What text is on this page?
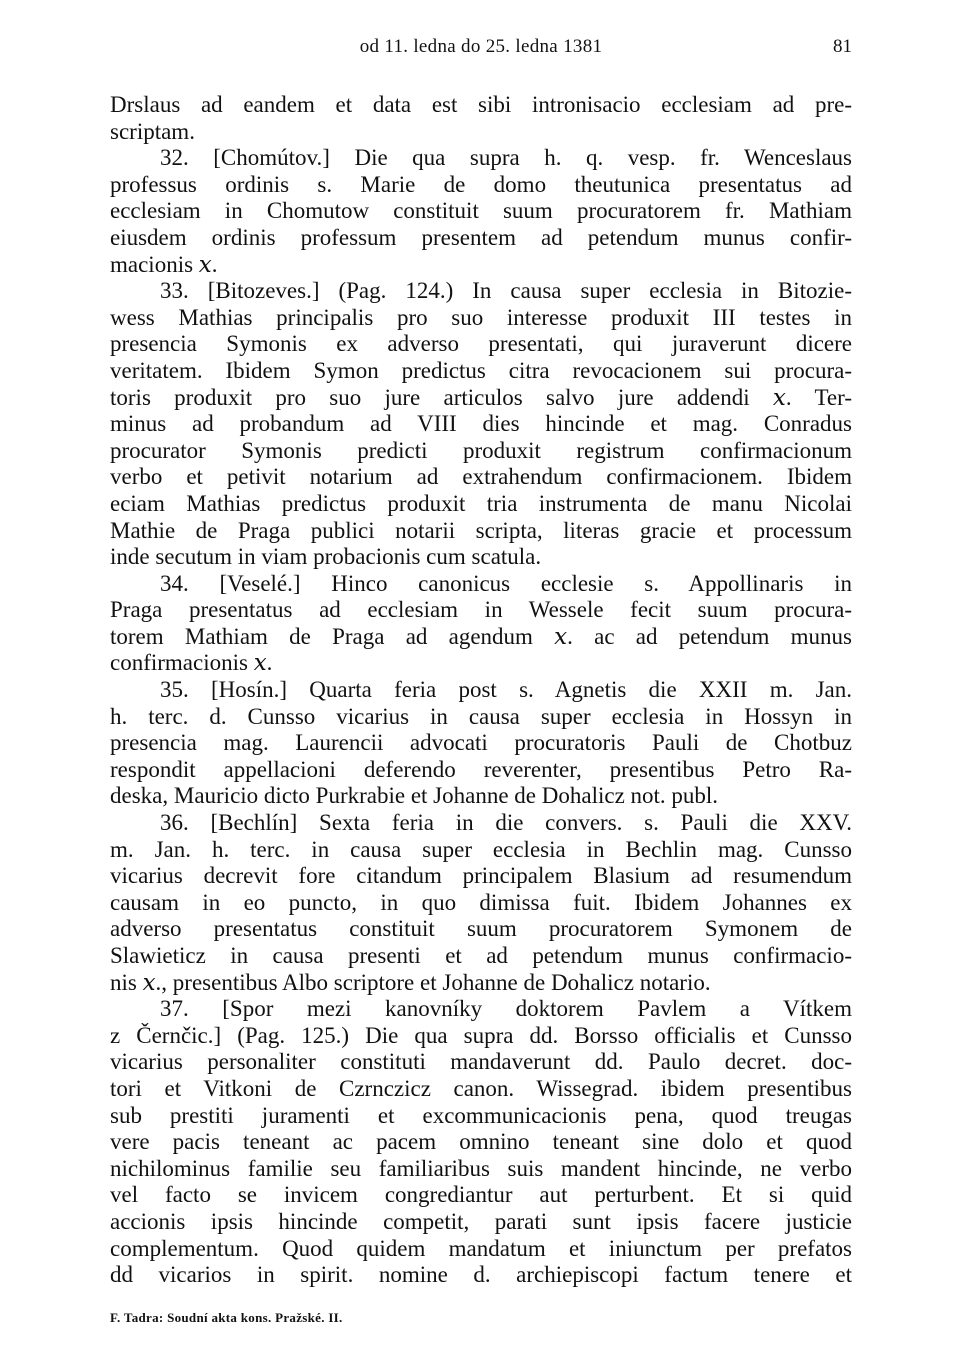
od 11. ledna do 25. ledna 1381	81
Drslaus ad eandem et data est sibi intronisacio ecclesiam ad pre-
scriptam.
32. [Chomútov.] Die qua supra h. q. vesp. fr. Wenceslaus
professus ordinis s. Marie de domo theutunica presentatus ad
ecclesiam in Chomutow constituit suum procuratorem fr. Mathiam
eiusdem ordinis professum presentem ad petendum munus confir-
macionis 𝑥.
33. [Bitozeves.] (Pag. 124.) In causa super ecclesia in Bitozie-
wess Mathias principalis pro suo interesse produxit III testes in
presencia Symonis ex adverso presentati, qui juraverunt dicere
veritatem. Ibidem Symon predictus citra revocacionem sui procura-
toris produxit pro suo jure articulos salvo jure addendi 𝑥. Ter-
minus ad probandum ad VIII dies hincinde et mag. Conradus
procurator Symonis predicti produxit registrum confirmacionum
verbo et petivit notarium ad extrahendum confirmacionem. Ibidem
eciam Mathias predictus produxit tria instrumenta de manu Nicolai
Mathie de Praga publici notarii scripta, literas gracie et processum
inde secutum in viam probacionis cum scatula.
34. [Veselé.] Hinco canonicus ecclesie s. Appollinaris in
Praga presentatus ad ecclesiam in Wessele fecit suum procura-
torem Mathiam de Praga ad agendum 𝑥. ac ad petendum munus
confirmacionis 𝑥.
35. [Hosín.] Quarta feria post s. Agnetis die XXII m. Jan.
h. terc. d. Cunsso vicarius in causa super ecclesia in Hossyn in
presencia mag. Laurencii advocati procuratoris Pauli de Chotbuz
respondit appellacioni deferendo reverenter, presentibus Petro Ra-
deska, Mauricio dicto Purkrabie et Johanne de Dohalicz not. publ.
36. [Bechlín] Sexta feria in die convers. s. Pauli die XXV.
m. Jan. h. terc. in causa super ecclesia in Bechlin mag. Cunsso
vicarius decrevit fore citandum principalem Blasium ad resumendum
causam in eo puncto, in quo dimissa fuit. Ibidem Johannes ex
adverso presentatus constituit suum procuratorem Symonem de
Slawieticz in causa presenti et ad petendum munus confirmacio-
nis 𝑥., presentibus Albo scriptore et Johanne de Dohalicz notario.
37. [Spor mezi kanovníky doktorem Pavlem a Vítkem
z Černčic.] (Pag. 125.) Die qua supra dd. Borsso officialis et Cunsso
vicarius personaliter constituti mandaverunt dd. Paulo decret. doc-
tori et Vitkoni de Czrnczicz canon. Wissegrad. ibidem presentibus
sub prestiti juramenti et excommunicacionis pena, quod treugas
vere pacis teneant ac pacem omnino teneant sine dolo et quod
nichilominus familie seu familiaribus suis mandent hincinde, ne verbo
vel facto se invicem congrediantur aut perturbent. Et si quid
accionis ipsis hincinde competit, parati sunt ipsis facere justicie
complementum. Quod quidem mandatum et iniunctum per prefatos
dd vicarios in spirit. nomine d. archiepiscopi factum tenere et
F. Tadra: Soudní akta kons. Pražské. II.
